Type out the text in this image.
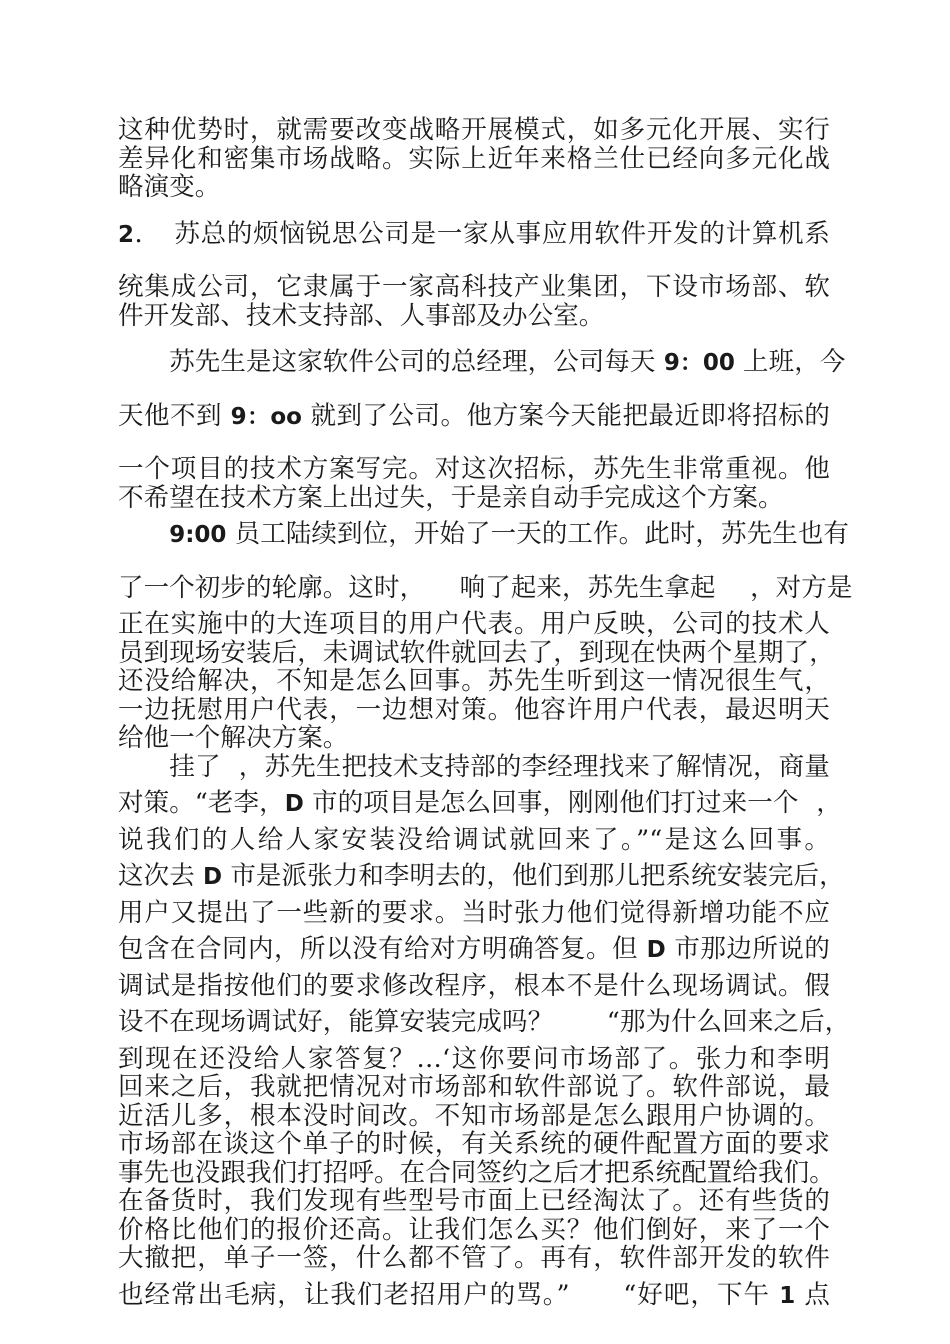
这种优势时，就需要改变战略开展模式，如多元化开展、实行
差异化和密集市场战略。实际上近年来格兰仕已经向多元化战
略演变。
2．　苏总的烦恼锐思公司是一家从事应用软件开发的计算机系
统集成公司，它隶属于一家高科技产业集团，下设市场部、软
件开发部、技术支持部、人事部及办公室。
　　苏先生是这家软件公司的总经理，公司每天 9：00 上班，今
天他不到 9：oo 就到了公司。他方案今天能把最近即将招标的
一个项目的技术方案写完。对这次招标，苏先生非常重视。他
不希望在技术方案上出过失，于是亲自动手完成这个方案。
　　9:00 员工陆续到位，开始了一天的工作。此时，苏先生也有
了一个初步的轮廓。这时， 响了起来，苏先生拿起 ，对方是
正在实施中的大连项目的用户代表。用户反映，公司的技术人
员到现场安装后，未调试软件就回去了，到现在快两个星期了，
还没给解决，不知是怎么回事。苏先生听到这一情况很生气，
一边抚慰用户代表，一边想对策。他容许用户代表，最迟明天
给他一个解决方案。
　　挂了 ，苏先生把技术支持部的李经理找来了解情况，商量
对策。“老李，D 市的项目是怎么回事，刚刚他们打过来一个 ，
说我们的人给人家安装没给调试就回来了。”“是这么回事。
这次去 D 市是派张力和李明去的，他们到那儿把系统安装完后，
用户又提出了一些新的要求。当时张力他们觉得新增功能不应
包含在合同内，所以没有给对方明确答复。但 D 市那边所说的
调试是指按他们的要求修改程序，根本不是什么现场调试。假
设不在现场调试好，能算安装完成吗？ “那为什么回来之后，
到现在还没给人家答复？…‘这你要问市场部了。张力和李明
回来之后，我就把情况对市场部和软件部说了。软件部说，最
近活儿多，根本没时间改。不知市场部是怎么跟用户协调的。
市场部在谈这个单子的时候，有关系统的硬件配置方面的要求
事先也没跟我们打招呼。在合同签约之后才把系统配置给我们。
在备货时，我们发现有些型号市面上已经淘汰了。还有些货的
价格比他们的报价还高。让我们怎么买？他们倒好，来了一个
大撤把，单子一签，什么都不管了。再有，软件部开发的软件
也经常出毛病，让我们老招用户的骂。” “好吧，下午 1 点
